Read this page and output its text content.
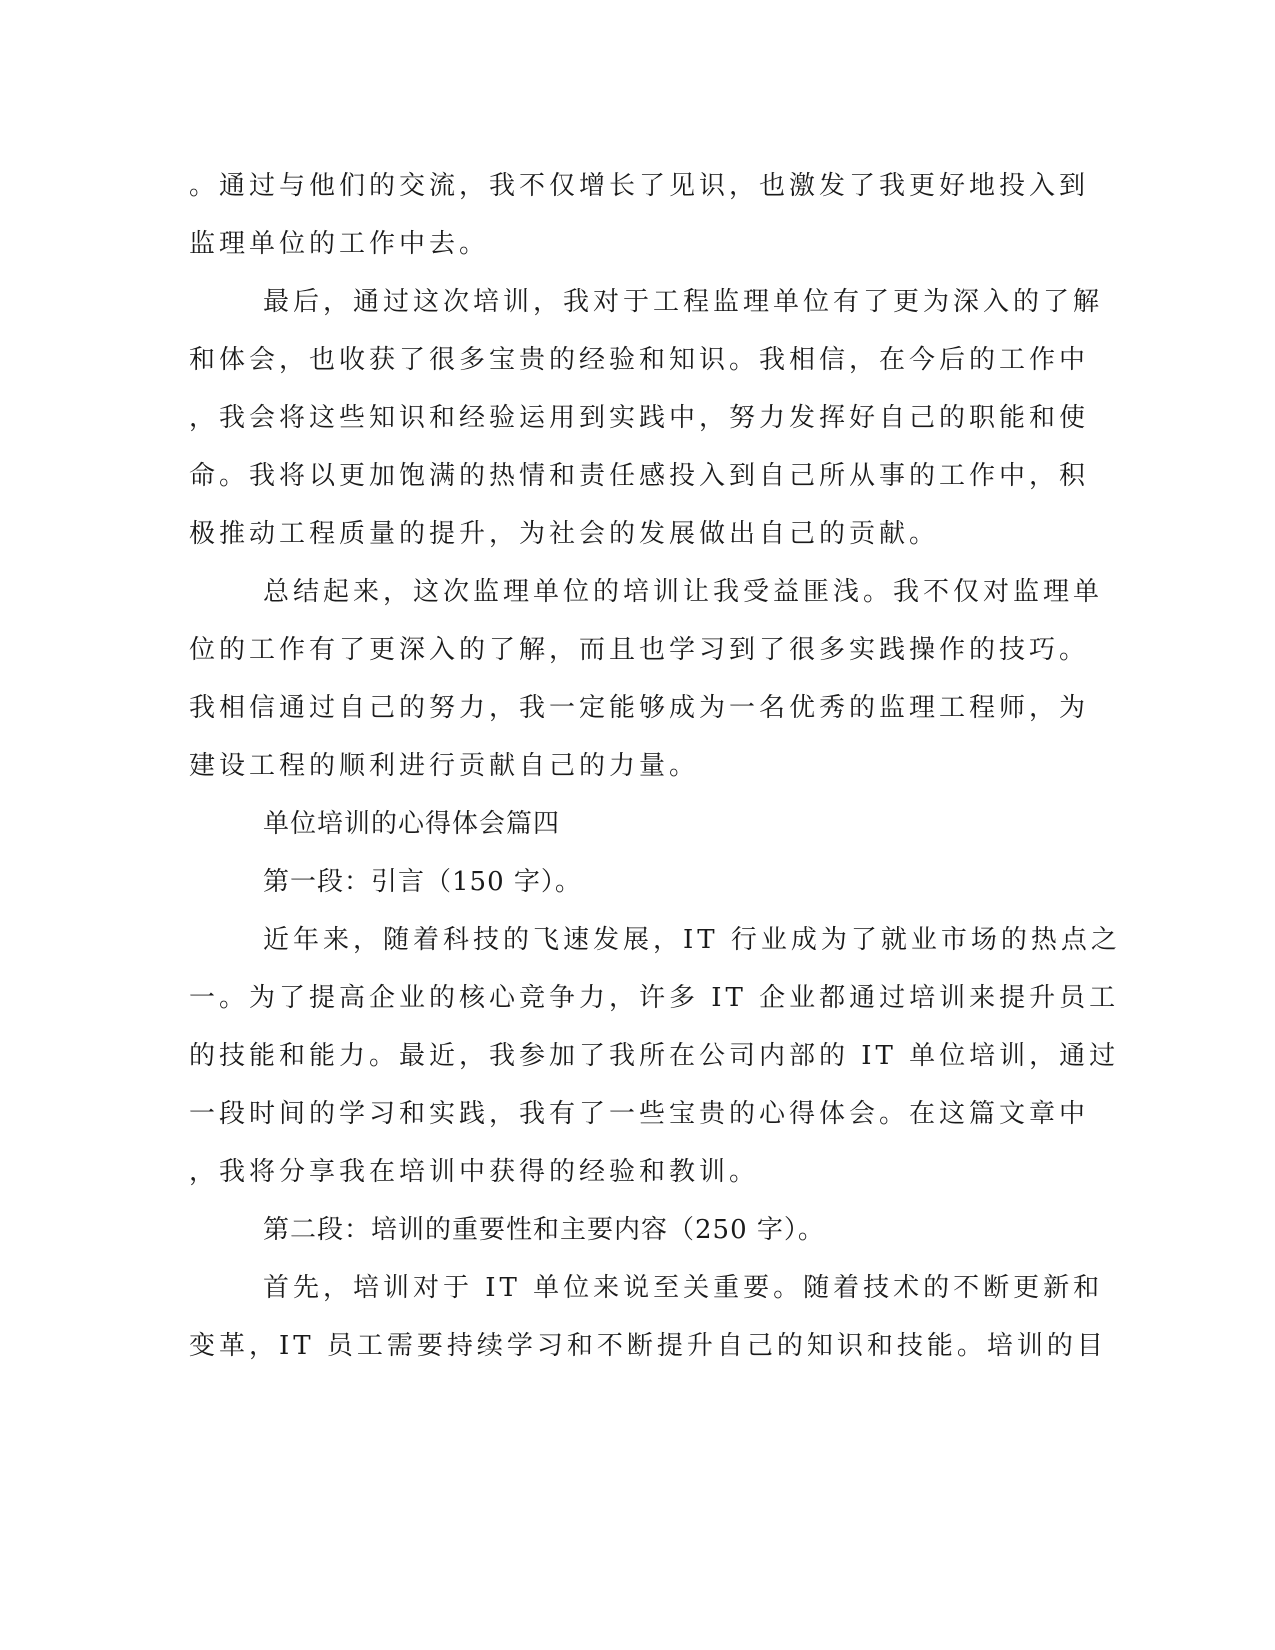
。通过与他们的交流，我不仅增长了见识，也激发了我更好地投入到

监理单位的工作中去。

最后，通过这次培训，我对于工程监理单位有了更为深入的了解

和体会，也收获了很多宝贵的经验和知识。我相信，在今后的工作中

，我会将这些知识和经验运用到实践中，努力发挥好自己的职能和使

命。我将以更加饱满的热情和责任感投入到自己所从事的工作中，积

极推动工程质量的提升，为社会的发展做出自己的贡献。

总结起来，这次监理单位的培训让我受益匪浅。我不仅对监理单

位的工作有了更深入的了解，而且也学习到了很多实践操作的技巧。

我相信通过自己的努力，我一定能够成为一名优秀的监理工程师，为

建设工程的顺利进行贡献自己的力量。

单位培训的心得体会篇四

第一段：引言（150 字）。

近年来，随着科技的飞速发展，IT 行业成为了就业市场的热点之

一。为了提高企业的核心竞争力，许多 IT 企业都通过培训来提升员工

的技能和能力。最近，我参加了我所在公司内部的 IT 单位培训，通过

一段时间的学习和实践，我有了一些宝贵的心得体会。在这篇文章中

，我将分享我在培训中获得的经验和教训。

第二段：培训的重要性和主要内容（250 字）。

首先，培训对于 IT 单位来说至关重要。随着技术的不断更新和

变革，IT 员工需要持续学习和不断提升自己的知识和技能。培训的目
